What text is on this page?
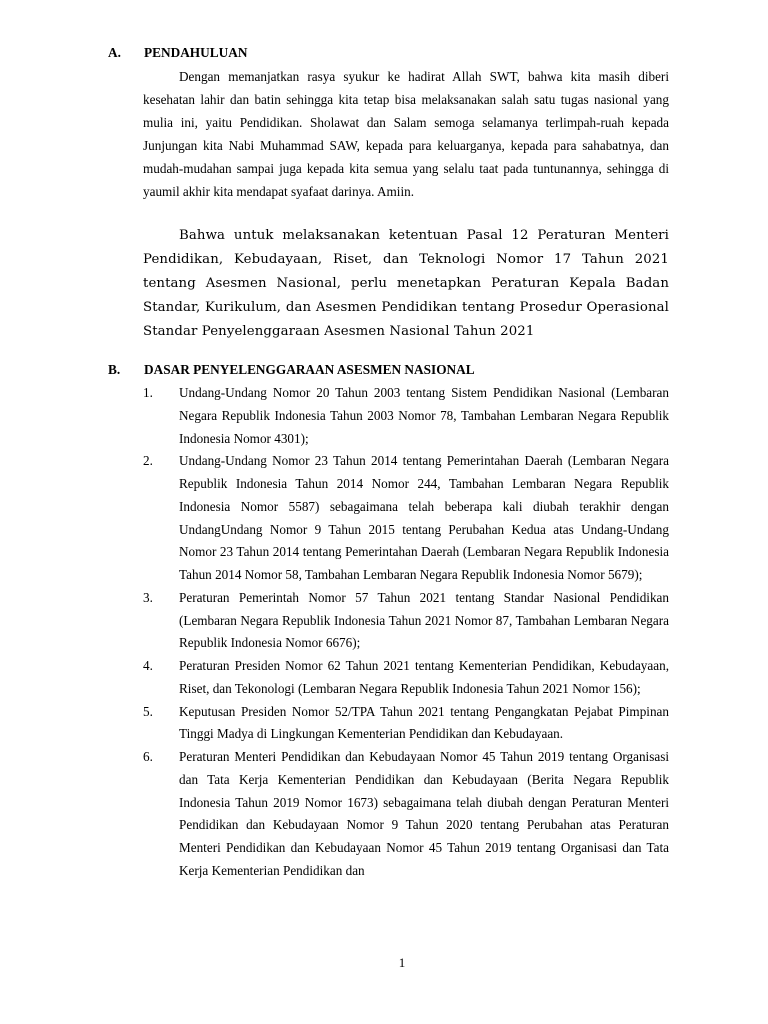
A. PENDAHULUAN

Dengan memanjatkan rasya syukur ke hadirat Allah SWT, bahwa kita masih diberi kesehatan lahir dan batin sehingga kita tetap bisa melaksanakan salah satu tugas nasional yang mulia ini, yaitu Pendidikan. Sholawat dan Salam semoga selamanya terlimpah-ruah kepada Junjungan kita Nabi Muhammad SAW, kepada para keluarganya, kepada para sahabatnya, dan mudah-mudahan sampai juga kepada kita semua yang selalu taat pada tuntunannya, sehingga di yaumil akhir kita mendapat syafaat darinya. Amiin.

Bahwa untuk melaksanakan ketentuan Pasal 12 Peraturan Menteri Pendidikan, Kebudayaan, Riset, dan Teknologi Nomor 17 Tahun 2021 tentang Asesmen Nasional, perlu menetapkan Peraturan Kepala Badan Standar, Kurikulum, dan Asesmen Pendidikan tentang Prosedur Operasional Standar Penyelenggaraan Asesmen Nasional Tahun 2021

B. DASAR PENYELENGGARAAN ASESMEN NASIONAL
1. Undang-Undang Nomor 20 Tahun 2003 tentang Sistem Pendidikan Nasional (Lembaran Negara Republik Indonesia Tahun 2003 Nomor 78, Tambahan Lembaran Negara Republik Indonesia Nomor 4301);
2. Undang-Undang Nomor 23 Tahun 2014 tentang Pemerintahan Daerah (Lembaran Negara Republik Indonesia Tahun 2014 Nomor 244, Tambahan Lembaran Negara Republik Indonesia Nomor 5587) sebagaimana telah beberapa kali diubah terakhir dengan UndangUndang Nomor 9 Tahun 2015 tentang Perubahan Kedua atas Undang-Undang Nomor 23 Tahun 2014 tentang Pemerintahan Daerah (Lembaran Negara Republik Indonesia Tahun 2014 Nomor 58, Tambahan Lembaran Negara Republik Indonesia Nomor 5679);
3. Peraturan Pemerintah Nomor 57 Tahun 2021 tentang Standar Nasional Pendidikan (Lembaran Negara Republik Indonesia Tahun 2021 Nomor 87, Tambahan Lembaran Negara Republik Indonesia Nomor 6676);
4. Peraturan Presiden Nomor 62 Tahun 2021 tentang Kementerian Pendidikan, Kebudayaan, Riset, dan Tekonologi (Lembaran Negara Republik Indonesia Tahun 2021 Nomor 156);
5. Keputusan Presiden Nomor 52/TPA Tahun 2021 tentang Pengangkatan Pejabat Pimpinan Tinggi Madya di Lingkungan Kementerian Pendidikan dan Kebudayaan.
6. Peraturan Menteri Pendidikan dan Kebudayaan Nomor 45 Tahun 2019 tentang Organisasi dan Tata Kerja Kementerian Pendidikan dan Kebudayaan (Berita Negara Republik Indonesia Tahun 2019 Nomor 1673) sebagaimana telah diubah dengan Peraturan Menteri Pendidikan dan Kebudayaan Nomor 9 Tahun 2020 tentang Perubahan atas Peraturan Menteri Pendidikan dan Kebudayaan Nomor 45 Tahun 2019 tentang Organisasi dan Tata Kerja Kementerian Pendidikan dan
1
